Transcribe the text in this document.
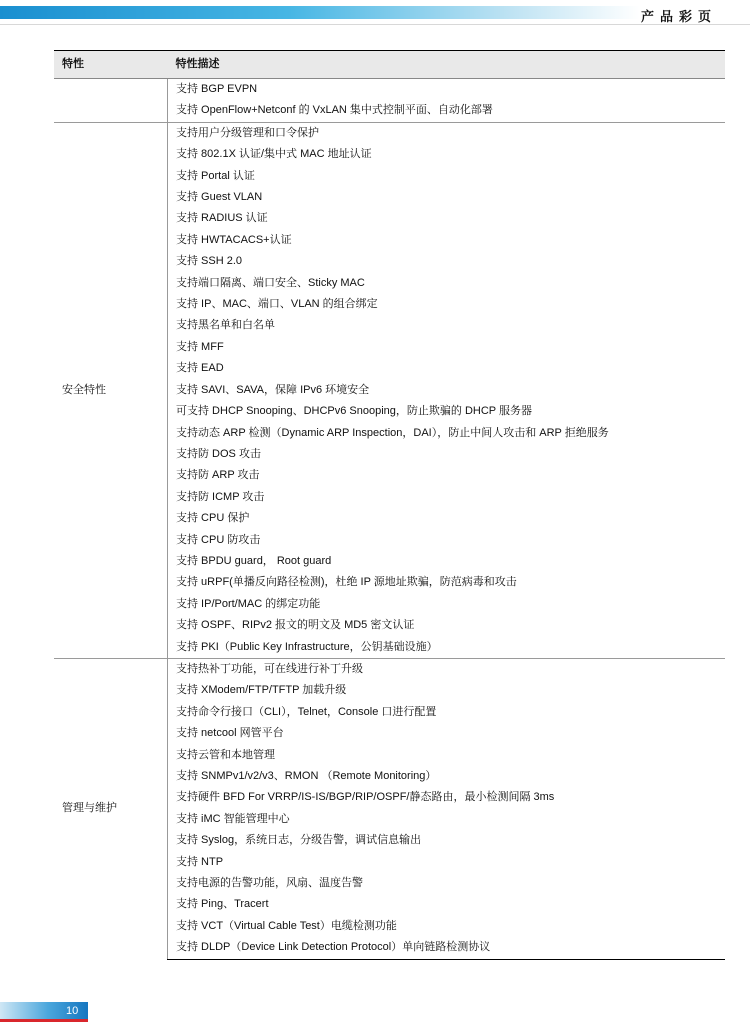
产品彩页
特性	特性描述
	支持 BGP EVPN
	支持 OpenFlow+Netconf 的 VxLAN 集中式控制平面、自动化部署
安全特性	支持用户分级管理和口令保护
	支持 802.1X 认证/集中式 MAC 地址认证
	支持 Portal 认证
	支持 Guest VLAN
	支持 RADIUS 认证
	支持 HWTACACS+认证
	支持 SSH 2.0
	支持端口隔离、端口安全、Sticky MAC
	支持 IP、MAC、端口、VLAN 的组合绑定
	支持黑名单和白名单
	支持 MFF
	支持 EAD
	支持 SAVI、SAVA，保障 IPv6 环境安全
	可支持 DHCP Snooping、DHCPv6 Snooping，防止欺骗的 DHCP 服务器
	支持动态 ARP 检测（Dynamic ARP Inspection，DAI），防止中间人攻击和 ARP 拒绝服务
	支持防 DOS 攻击
	支持防 ARP 攻击
	支持防 ICMP 攻击
	支持 CPU 保护
	支持 CPU 防攻击
	支持 BPDU guard， Root guard
	支持 uRPF(单播反向路径检测)，杜绝 IP 源地址欺骗，防范病毒和攻击
	支持 IP/Port/MAC 的绑定功能
	支持 OSPF、RIPv2 报文的明文及 MD5 密文认证
	支持 PKI（Public Key Infrastructure，公钥基础设施）
管理与维护	支持热补丁功能，可在线进行补丁升级
	支持 XModem/FTP/TFTP 加载升级
	支持命令行接口（CLI），Telnet，Console 口进行配置
	支持 netcool 网管平台
	支持云管和本地管理
	支持 SNMPv1/v2/v3、RMON （Remote Monitoring）
	支持硬件 BFD For VRRP/IS-IS/BGP/RIP/OSPF/静态路由，最小检测间隔 3ms
	支持 iMC 智能管理中心
	支持 Syslog，系统日志，分级告警，调试信息输出
	支持 NTP
	支持电源的告警功能，风扇、温度告警
	支持 Ping、Tracert
	支持 VCT（Virtual Cable Test）电缆检测功能
	支持 DLDP（Device Link Detection Protocol）单向链路检测协议
10
